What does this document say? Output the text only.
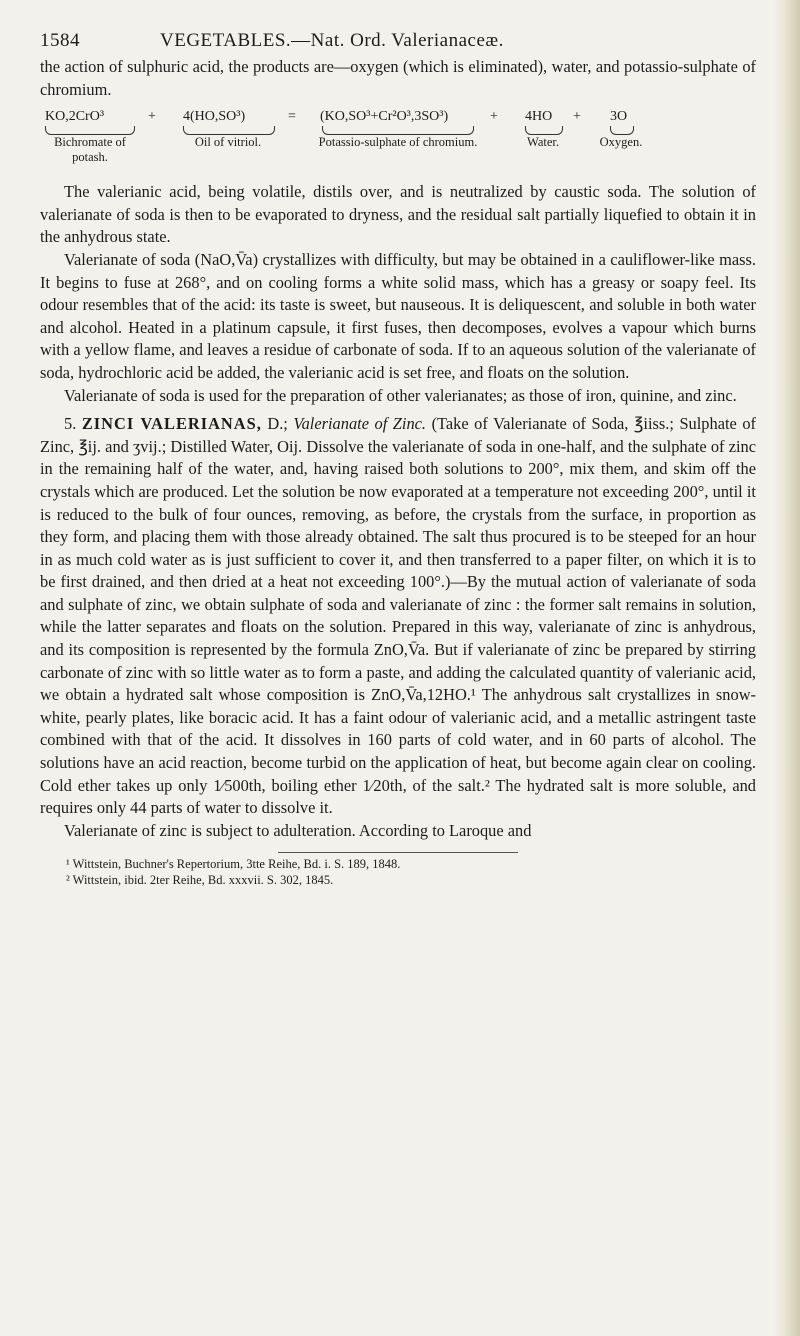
1584	VEGETABLES.—Nat. Ord. Valerianaceæ.

the action of sulphuric acid, the products are—oxygen (which is eliminated), water, and potassio-sulphate of chromium.

KO,2CrO³	+ 4(HO,SO³)	= (KO,SO³+Cr²O³,3SO³)	+ 4HO + 3O
Bichromate of potash.
Oil of vitriol.	Potassio-sulphate of chromium.	Water.	Oxygen.

The valerianic acid, being volatile, distils over, and is neutralized by caustic soda. The solution of valerianate of soda is then to be evaporated to dryness, and the residual salt partially liquefied to obtain it in the anhydrous state.

Valerianate of soda (NaO,V̄a) crystallizes with difficulty, but may be obtained in a cauliflower-like mass. It begins to fuse at 268°, and on cooling forms a white solid mass, which has a greasy or soapy feel. Its odour resembles that of the acid: its taste is sweet, but nauseous. It is deliquescent, and soluble in both water and alcohol. Heated in a platinum capsule, it first fuses, then decomposes, evolves a vapour which burns with a yellow flame, and leaves a residue of carbonate of soda. If to an aqueous solution of the valerianate of soda, hydrochloric acid be added, the valerianic acid is set free, and floats on the solution.

Valerianate of soda is used for the preparation of other valerianates; as those of iron, quinine, and zinc.

5. ZINCI VALERIANAS, D.; Valerianate of Zinc. (Take of Valerianate of Soda, ℥iiss.; Sulphate of Zinc, ℥ij. and ʒvij.; Distilled Water, Oij. Dissolve the valerianate of soda in one-half, and the sulphate of zinc in the remaining half of the water, and, having raised both solutions to 200°, mix them, and skim off the crystals which are produced. Let the solution be now evaporated at a temperature not exceeding 200°, until it is reduced to the bulk of four ounces, removing, as before, the crystals from the surface, in proportion as they form, and placing them with those already obtained. The salt thus procured is to be steeped for an hour in as much cold water as is just sufficient to cover it, and then transferred to a paper filter, on which it is to be first drained, and then dried at a heat not exceeding 100°.)—By the mutual action of valerianate of soda and sulphate of zinc, we obtain sulphate of soda and valerianate of zinc : the former salt remains in solution, while the latter separates and floats on the solution. Prepared in this way, valerianate of zinc is anhydrous, and its composition is represented by the formula ZnO,V̄a. But if valerianate of zinc be prepared by stirring carbonate of zinc with so little water as to form a paste, and adding the calculated quantity of valerianic acid, we obtain a hydrated salt whose composition is ZnO,V̄a,12HO.¹ The anhydrous salt crystallizes in snow-white, pearly plates, like boracic acid. It has a faint odour of valerianic acid, and a metallic astringent taste combined with that of the acid. It dissolves in 160 parts of cold water, and in 60 parts of alcohol. The solutions have an acid reaction, become turbid on the application of heat, but become again clear on cooling. Cold ether takes up only 1⁄500th, boiling ether 1⁄20th, of the salt.² The hydrated salt is more soluble, and requires only 44 parts of water to dissolve it.

Valerianate of zinc is subject to adulteration. According to Laroque and

¹ Wittstein, Buchner's Repertorium, 3tte Reihe, Bd. i. S. 189, 1848.
² Wittstein, ibid. 2ter Reihe, Bd. xxxvii. S. 302, 1845.
